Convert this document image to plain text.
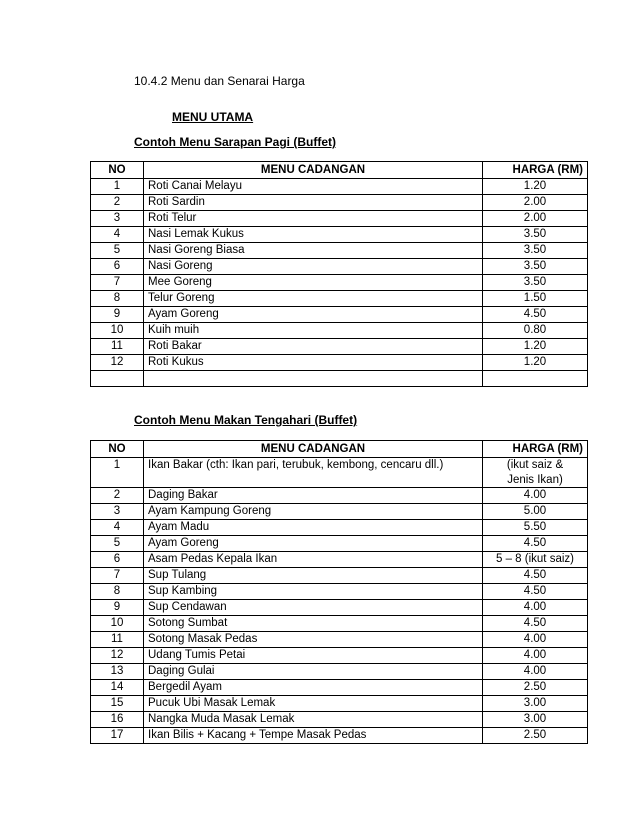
10.4.2 Menu dan Senarai Harga
MENU UTAMA
Contoh Menu Sarapan Pagi (Buffet)
NO	MENU CADANGAN	HARGA (RM)
1	Roti Canai Melayu	1.20
2	Roti Sardin	2.00
3	Roti Telur	2.00
4	Nasi Lemak Kukus	3.50
5	Nasi Goreng Biasa	3.50
6	Nasi Goreng	3.50
7	Mee Goreng	3.50
8	Telur Goreng	1.50
9	Ayam Goreng	4.50
10	Kuih muih	0.80
11	Roti Bakar	1.20
12	Roti Kukus	1.20

Contoh Menu Makan Tengahari (Buffet)
NO	MENU CADANGAN	HARGA (RM)
1	Ikan Bakar (cth: Ikan pari, terubuk, kembong, cencaru dll.)	(ikut saiz &
Jenis Ikan)

2	Daging Bakar	4.00
3	Ayam Kampung Goreng	5.00
4	Ayam Madu	5.50
5	Ayam Goreng	4.50
6	Asam Pedas Kepala Ikan	5 – 8 (ikut saiz)
7	Sup Tulang	4.50
8	Sup Kambing	4.50
9	Sup Cendawan	4.00
10	Sotong Sumbat	4.50
11	Sotong Masak Pedas	4.00
12	Udang Tumis Petai	4.00
13	Daging Gulai	4.00
14	Bergedil Ayam	2.50
15	Pucuk Ubi Masak Lemak	3.00
16	Nangka Muda Masak Lemak	3.00
17	Ikan Bilis + Kacang + Tempe Masak Pedas	2.50
